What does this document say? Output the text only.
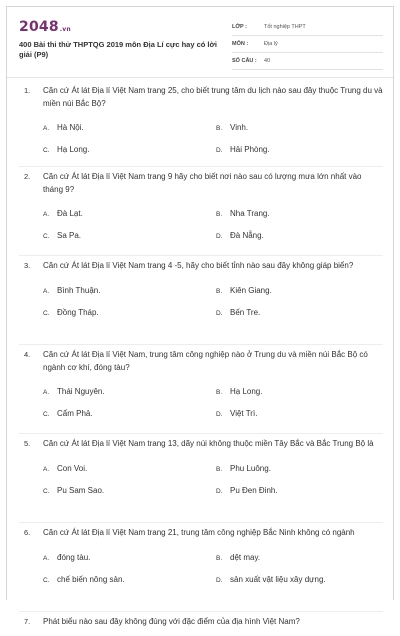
2048.vn
400 Bài thi thử THPTQG 2019 môn Địa Lí cực hay có lời giải (P9)
LỚP :	Tốt nghiệp THPT
MÔN :	Địa lý
SỐ CÂU : 40
1. Căn cứ Át lát Địa lí Việt Nam trang 25, cho biết trung tâm du lịch nào sau đây thuộc Trung du và miền núi Bắc Bộ?
A. Hà Nội.	B. Vinh.
C. Hạ Long.	D. Hải Phòng.
2. Căn cứ Át lát Địa lí Việt Nam trang 9 hãy cho biết nơi nào sau có lượng mưa lớn nhất vào tháng 9?
A. Đà Lạt.	B. Nha Trang.
C. Sa Pa.	D. Đà Nẵng.
3. Căn cứ Át lát Địa lí Việt Nam trang 4 -5, hãy cho biết tỉnh nào sau đây không giáp biển?
A. Bình Thuận.	B. Kiên Giang.
C. Đồng Tháp.	D. Bến Tre.
4. Căn cứ Át lát Địa lí Việt Nam, trung tâm công nghiệp nào ở Trung du và miền núi Bắc Bộ có ngành cơ khí, đóng tàu?
A. Thái Nguyên.	B. Hạ Long.
C. Cẩm Phả.	D. Việt Trì.
5. Căn cứ Át lát Địa lí Việt Nam trang 13, dãy núi không thuộc miền Tây Bắc và Bắc Trung Bộ là
A. Con Voi.	B. Phu Luông.
C. Pu Sam Sao.	D. Pu Đen Đinh.
6. Căn cứ Át lát Địa lí Việt Nam trang 21, trung tâm công nghiệp Bắc Ninh không có ngành
A. đóng tàu.	B. dệt may.
C. chế biến nông sản.	D. sản xuất vật liệu xây dựng.
7. Phát biểu nào sau đây không đúng với đặc điểm của địa hình Việt Nam?
